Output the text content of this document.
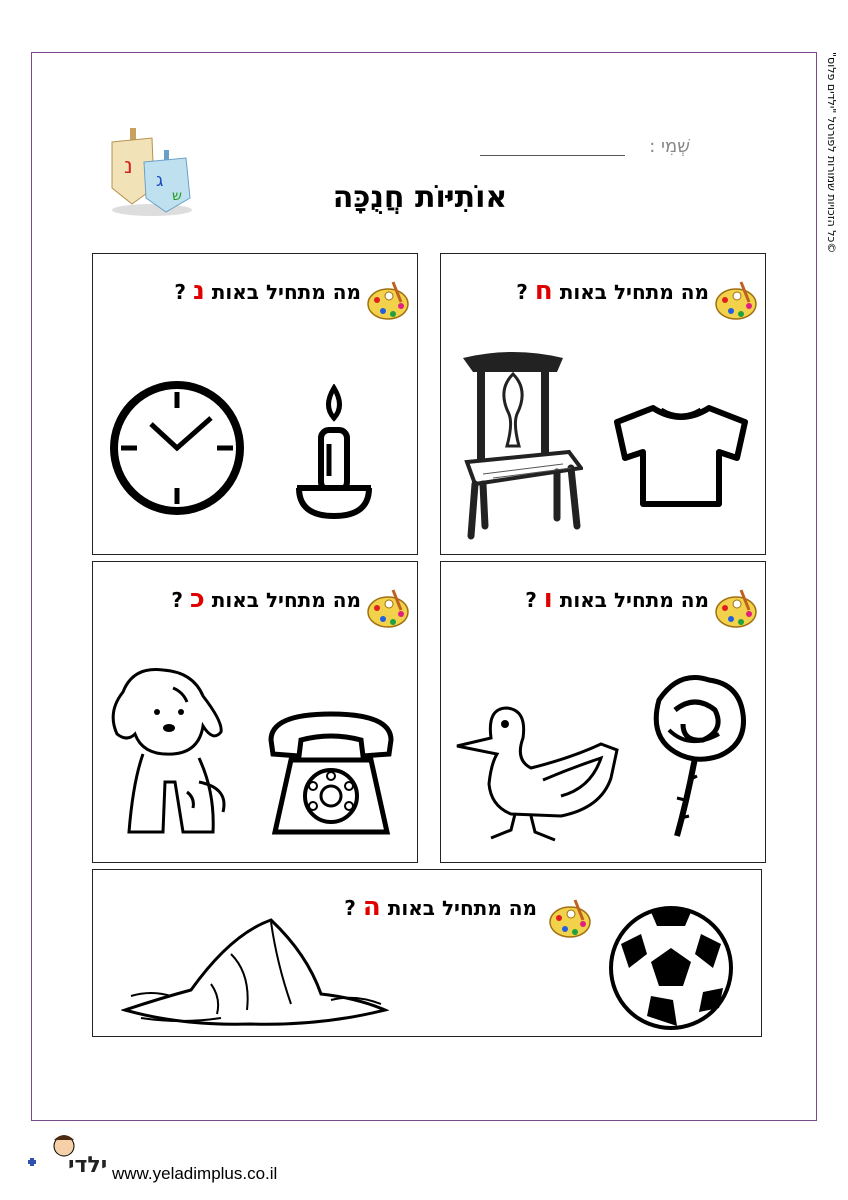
©כל הזכויות שמורות לפורטל "ילדים פלוס"
נ
ג
ש
שְׁמִי :
אוֹתִיּוֹת חֲנֻכָּה
מה מתחיל באות ח ?
מה מתחיל באות נ ?
מה מתחיל באות ו ?
מה מתחיל באות כ ?
מה מתחיל באות ה ?
ילדי www.yeladimplus.co.il
